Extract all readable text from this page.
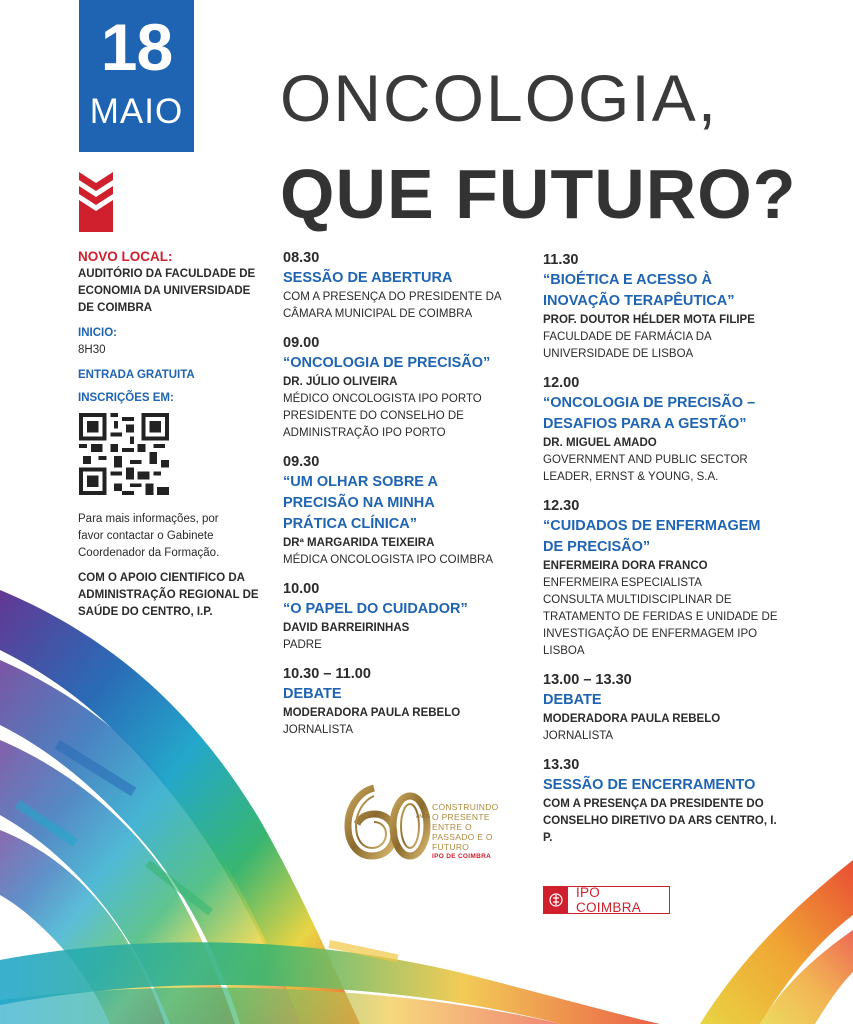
18
MAIO ONCOLOGIA,
QUE FUTURO?
NOVO LOCAL:
AUDITÓRIO DA FACULDADE DE
ECONOMIA DA UNIVERSIDADE
DE COIMBRA
INICIO:
8H30
ENTRADA GRATUITA
INSCRIÇÕES EM:
Para mais informações, por
favor contactar o Gabinete
Coordenador da Formação.
COM O APOIO CIENTIFICO DA
ADMINISTRAÇÃO REGIONAL DE
SAÚDE DO CENTRO, I.P.
08.30
SESSÃO DE ABERTURA
COM A PRESENÇA DO PRESIDENTE DA
CÂMARA MUNICIPAL DE COIMBRA
09.00
“ONCOLOGIA DE PRECISÃO”
DR. JÚLIO OLIVEIRA
MÉDICO ONCOLOGISTA IPO PORTO
PRESIDENTE DO CONSELHO DE
ADMINISTRAÇÃO IPO PORTO
09.30
“UM OLHAR SOBRE A
PRECISÃO NA MINHA
PRÁTICA CLÍNICA”
DRª MARGARIDA TEIXEIRA
MÉDICA ONCOLOGISTA IPO COIMBRA
10.00
“O PAPEL DO CUIDADOR”
DAVID BARREIRINHAS
PADRE
10.30 – 11.00
DEBATE
MODERADORA PAULA REBELO
JORNALISTA
11.30
“BIOÉTICA E ACESSO À
INOVAÇÃO TERAPÊUTICA”
PROF. DOUTOR HÉLDER MOTA FILIPE
FACULDADE DE FARMÁCIA DA
UNIVERSIDADE DE LISBOA
12.00
“ONCOLOGIA DE PRECISÃO –
DESAFIOS PARA A GESTÃO”
DR. MIGUEL AMADO
GOVERNMENT AND PUBLIC SECTOR
LEADER, ERNST & YOUNG, S.A.
12.30
“CUIDADOS DE ENFERMAGEM
DE PRECISÃO”
ENFERMEIRA DORA FRANCO
ENFERMEIRA ESPECIALISTA
CONSULTA MULTIDISCIPLINAR DE
TRATAMENTO DE FERIDAS E UNIDADE DE
INVESTIGAÇÃO DE ENFERMAGEM IPO
LISBOA
13.00 – 13.30
DEBATE
MODERADORA PAULA REBELO
JORNALISTA
13.30
SESSÃO DE ENCERRAMENTO
COM A PRESENÇA DA PRESIDENTE DO
CONSELHO DIRETIVO DA ARS CENTRO, I. P.
ANOS
CONSTRUINDO
O PRESENTE ENTRE O
PASSADO E O FUTURO
IPO DE COIMBRA
IPO COIMBRA
